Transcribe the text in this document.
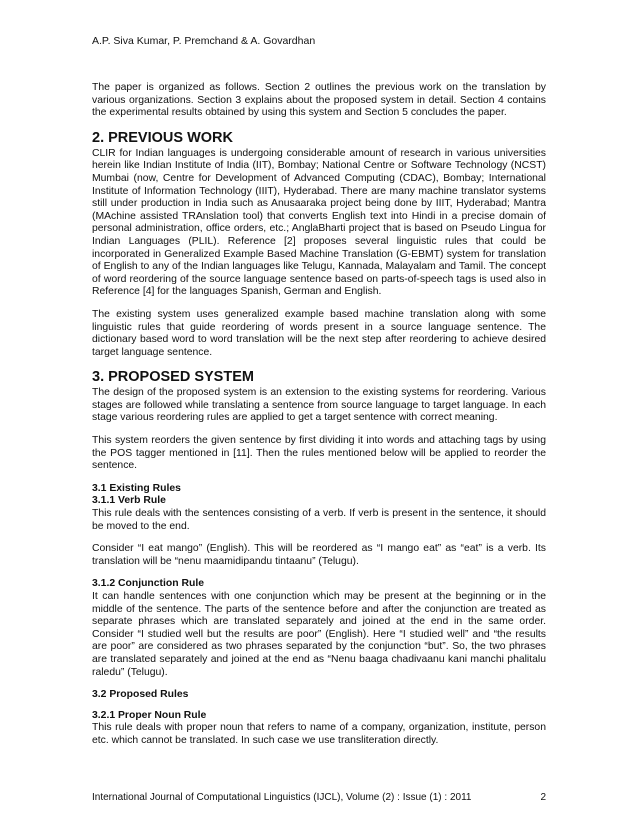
A.P. Siva Kumar, P. Premchand & A. Govardhan

The paper is organized as follows. Section 2 outlines the previous work on the translation by various organizations. Section 3 explains about the proposed system in detail. Section 4 contains the experimental results obtained by using this system and Section 5 concludes the paper.

2. PREVIOUS WORK

CLIR for Indian languages is undergoing considerable amount of research in various universities herein like Indian Institute of India (IIT), Bombay; National Centre or Software Technology (NCST) Mumbai (now, Centre for Development of Advanced Computing (CDAC), Bombay; International Institute of Information Technology (IIIT), Hyderabad. There are many machine translator systems still under production in India such as Anusaaraka project being done by IIIT, Hyderabad; Mantra (MAchine assisted TRAnslation tool) that converts English text into Hindi in a precise domain of personal administration, office orders, etc.; AnglaBharti project that is based on Pseudo Lingua for Indian Languages (PLIL). Reference [2] proposes several linguistic rules that could be incorporated in Generalized Example Based Machine Translation (G-EBMT) system for translation of English to any of the Indian languages like Telugu, Kannada, Malayalam and Tamil. The concept of word reordering of the source language sentence based on parts-of-speech tags is used also in Reference [4] for the languages Spanish, German and English.

The existing system uses generalized example based machine translation along with some linguistic rules that guide reordering of words present in a source language sentence. The dictionary based word to word translation will be the next step after reordering to achieve desired target language sentence.

3. PROPOSED SYSTEM

The design of the proposed system is an extension to the existing systems for reordering. Various stages are followed while translating a sentence from source language to target language. In each stage various reordering rules are applied to get a target sentence with correct meaning.

This system reorders the given sentence by first dividing it into words and attaching tags by using the POS tagger mentioned in [11]. Then the rules mentioned below will be applied to reorder the sentence.

3.1 Existing Rules
3.1.1 Verb Rule

This rule deals with the sentences consisting of a verb. If verb is present in the sentence, it should be moved to the end.

Consider “I eat mango” (English). This will be reordered as “I mango eat” as “eat” is a verb. Its translation will be “nenu maamidipandu tintaanu” (Telugu).

3.1.2 Conjunction Rule

It can handle sentences with one conjunction which may be present at the beginning or in the middle of the sentence. The parts of the sentence before and after the conjunction are treated as separate phrases which are translated separately and joined at the end in the same order. Consider “I studied well but the results are poor” (English). Here “I studied well” and “the results are poor” are considered as two phrases separated by the conjunction “but”. So, the two phrases are translated separately and joined at the end as “Nenu baaga chadivaanu kani manchi phalitalu raledu” (Telugu).

3.2 Proposed Rules
3.2.1 Proper Noun Rule

This rule deals with proper noun that refers to name of a company, organization, institute, person etc. which cannot be translated. In such case we use transliteration directly.

International Journal of Computational Linguistics (IJCL), Volume (2) : Issue (1) : 2011	2
